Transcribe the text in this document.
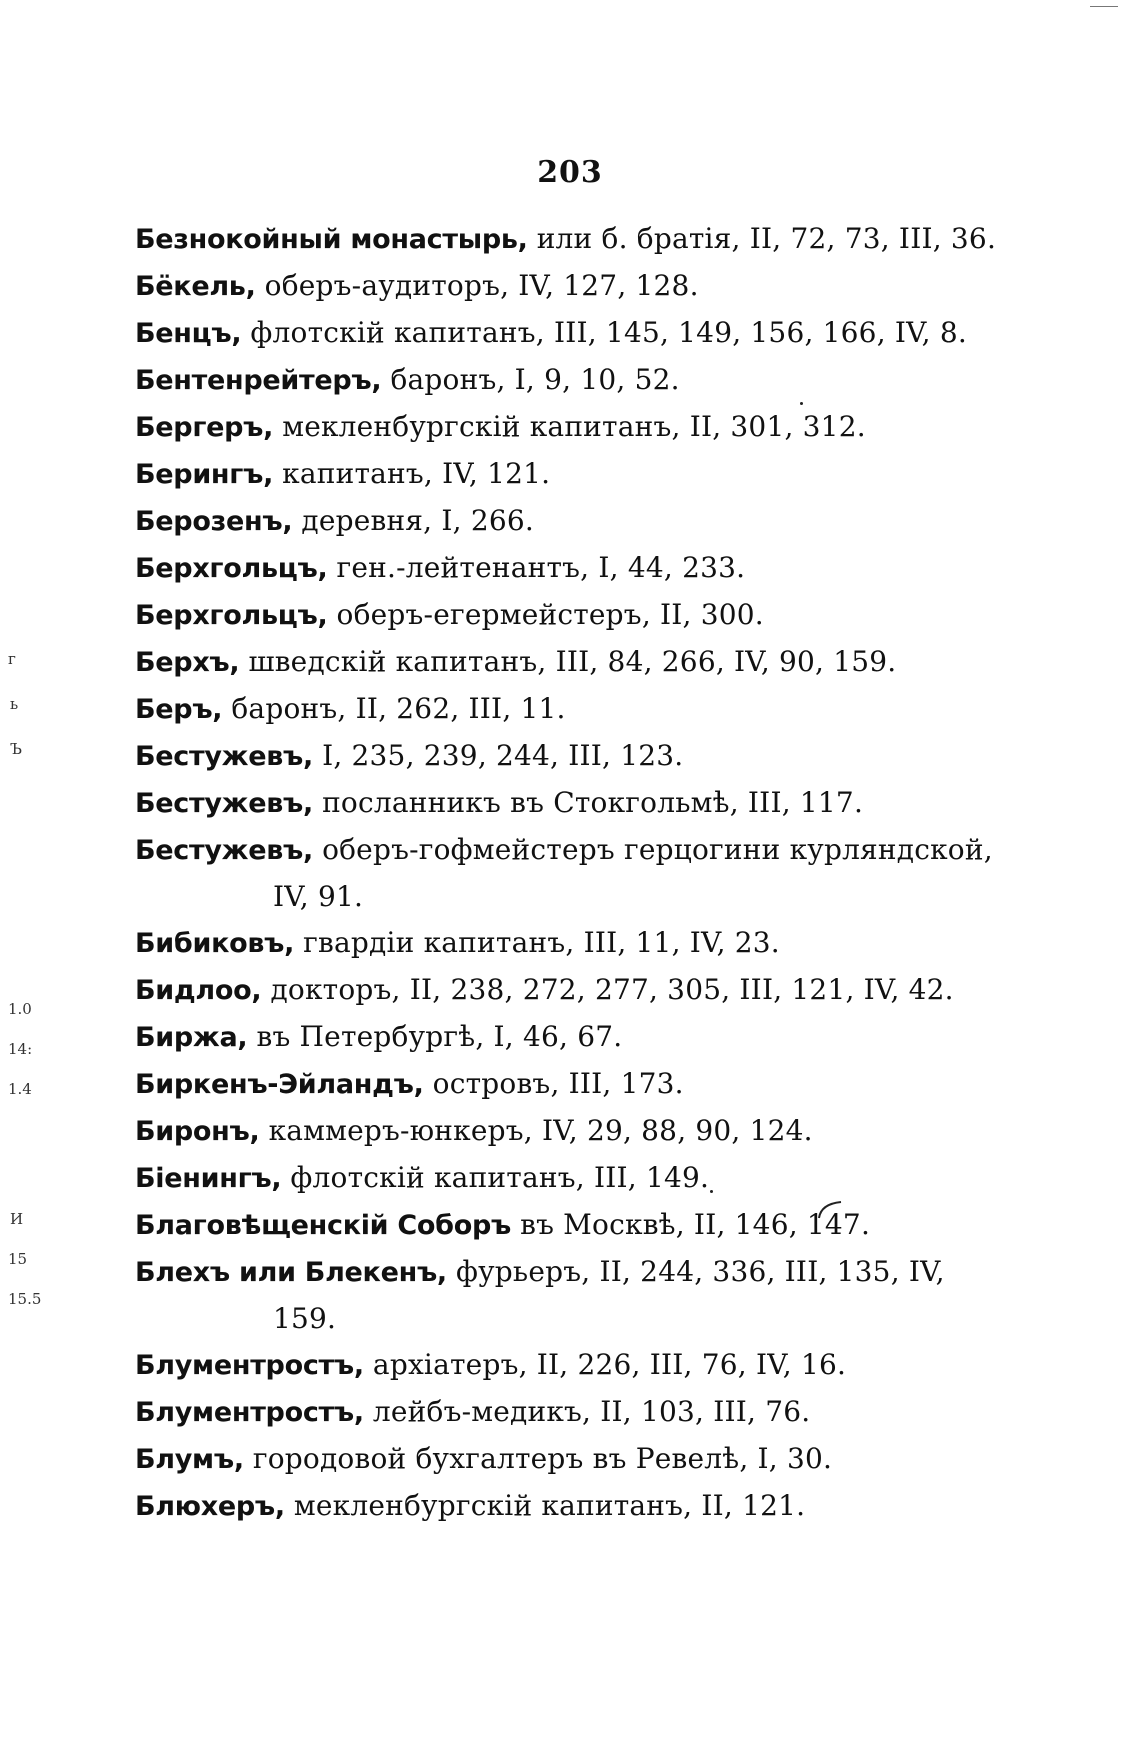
203
Безнокойный монастырь, или б. братія, II, 72, 73, III, 36.
Бёкель, оберъ-аудиторъ, IV, 127, 128.
Бенцъ, флотскій капитанъ, III, 145, 149, 156, 166, IV, 8.
Бентенрейтеръ, баронъ, I, 9, 10, 52.
Бергеръ, мекленбургскій капитанъ, II, 301, 312.
Берингъ, капитанъ, IV, 121.
Берозенъ, деревня, I, 266.
Берхгольцъ, ген.-лейтенантъ, I, 44, 233.
Берхгольцъ, оберъ-егермейстеръ, II, 300.
Берхъ, шведскій капитанъ, III, 84, 266, IV, 90, 159.
Беръ, баронъ, II, 262, III, 11.
Бестужевъ, I, 235, 239, 244, III, 123.
Бестужевъ, посланникъ въ Стокгольмѣ, III, 117.
Бестужевъ, оберъ-гофмейстеръ герцогини курляндской,
IV, 91.
Бибиковъ, гвардіи капитанъ, III, 11, IV, 23.
Бидлоо, докторъ, II, 238, 272, 277, 305, III, 121, IV, 42.
Биржа, въ Петербургѣ, I, 46, 67.
Биркенъ-Эйландъ, островъ, III, 173.
Биронъ, каммеръ-юнкеръ, IV, 29, 88, 90, 124.
Біенингъ, флотскій капитанъ, III, 149.
Благовѣщенскій Соборъ въ Москвѣ, II, 146, 147.
Блехъ или Блекенъ, фурьеръ, II, 244, 336, III, 135, IV,
159.
Блументростъ, архіатеръ, II, 226, III, 76, IV, 16.
Блументростъ, лейбъ-медикъ, II, 103, III, 76.
Блумъ, городовой бухгалтеръ въ Ревелѣ, I, 30.
Блюхеръ, мекленбургскій капитанъ, II, 121.
г
ь
Ъ
1.0
14:
1.4
И
15
15.5
